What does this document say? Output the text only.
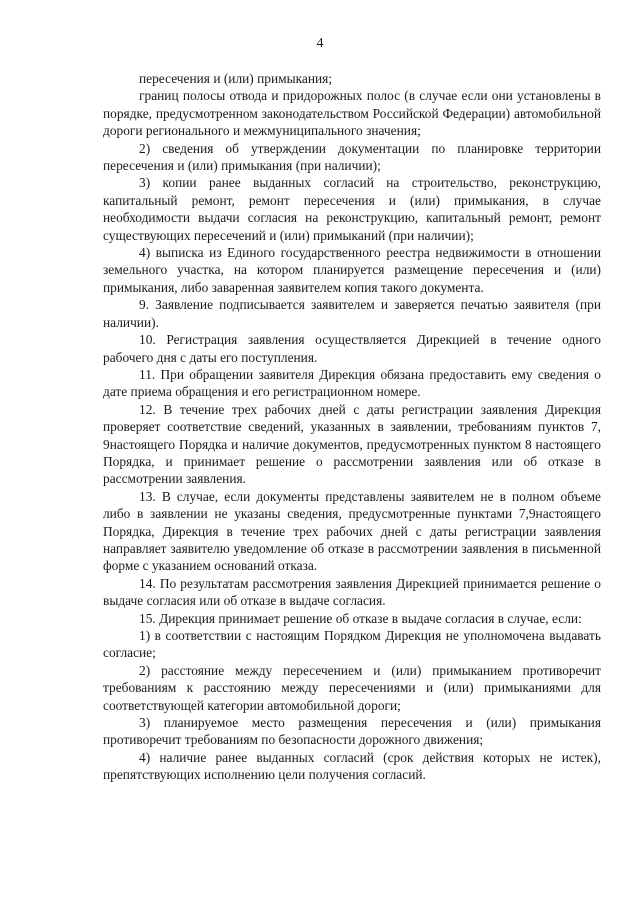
4

пересечения и (или) примыкания;

границ полосы отвода и придорожных полос (в случае если они установлены в порядке, предусмотренном законодательством Российской Федерации) автомобильной дороги регионального и межмуниципального значения;

2) сведения об утверждении документации по планировке территории пересечения и (или) примыкания (при наличии);

3) копии ранее выданных согласий на строительство, реконструкцию, капитальный ремонт, ремонт пересечения и (или) примыкания, в случае необходимости выдачи согласия на реконструкцию, капитальный ремонт, ремонт существующих пересечений и (или) примыканий (при наличии);

4) выписка из Единого государственного реестра недвижимости в отношении земельного участка, на котором планируется размещение пересечения и (или) примыкания, либо заваренная заявителем копия такого документа.

9. Заявление подписывается заявителем и заверяется печатью заявителя (при наличии).

10. Регистрация заявления осуществляется Дирекцией в течение одного рабочего дня с даты его поступления.

11. При обращении заявителя Дирекция обязана предоставить ему сведения о дате приема обращения и его регистрационном номере.

12. В течение трех рабочих дней с даты регистрации заявления Дирекция проверяет соответствие сведений, указанных в заявлении, требованиям пунктов 7, 9настоящего Порядка и наличие документов, предусмотренных пунктом 8 настоящего Порядка, и принимает решение о рассмотрении заявления или об отказе в рассмотрении заявления.

13. В случае, если документы представлены заявителем не в полном объеме либо в заявлении не указаны сведения, предусмотренные пунктами 7,9настоящего Порядка, Дирекция в течение трех рабочих дней с даты регистрации заявления направляет заявителю уведомление об отказе в рассмотрении заявления в письменной форме с указанием оснований отказа.

14. По результатам рассмотрения заявления Дирекцией принимается решение о выдаче согласия или об отказе в выдаче согласия.

15. Дирекция принимает решение об отказе в выдаче согласия в случае, если:

1) в соответствии с настоящим Порядком Дирекция не уполномочена выдавать согласие;

2) расстояние между пересечением и (или) примыканием противоречит требованиям к расстоянию между пересечениями и (или) примыканиями для соответствующей категории автомобильной дороги;

3) планируемое место размещения пересечения и (или) примыкания противоречит требованиям по безопасности дорожного движения;

4) наличие ранее выданных согласий (срок действия которых не истек), препятствующих исполнению цели получения согласий.
